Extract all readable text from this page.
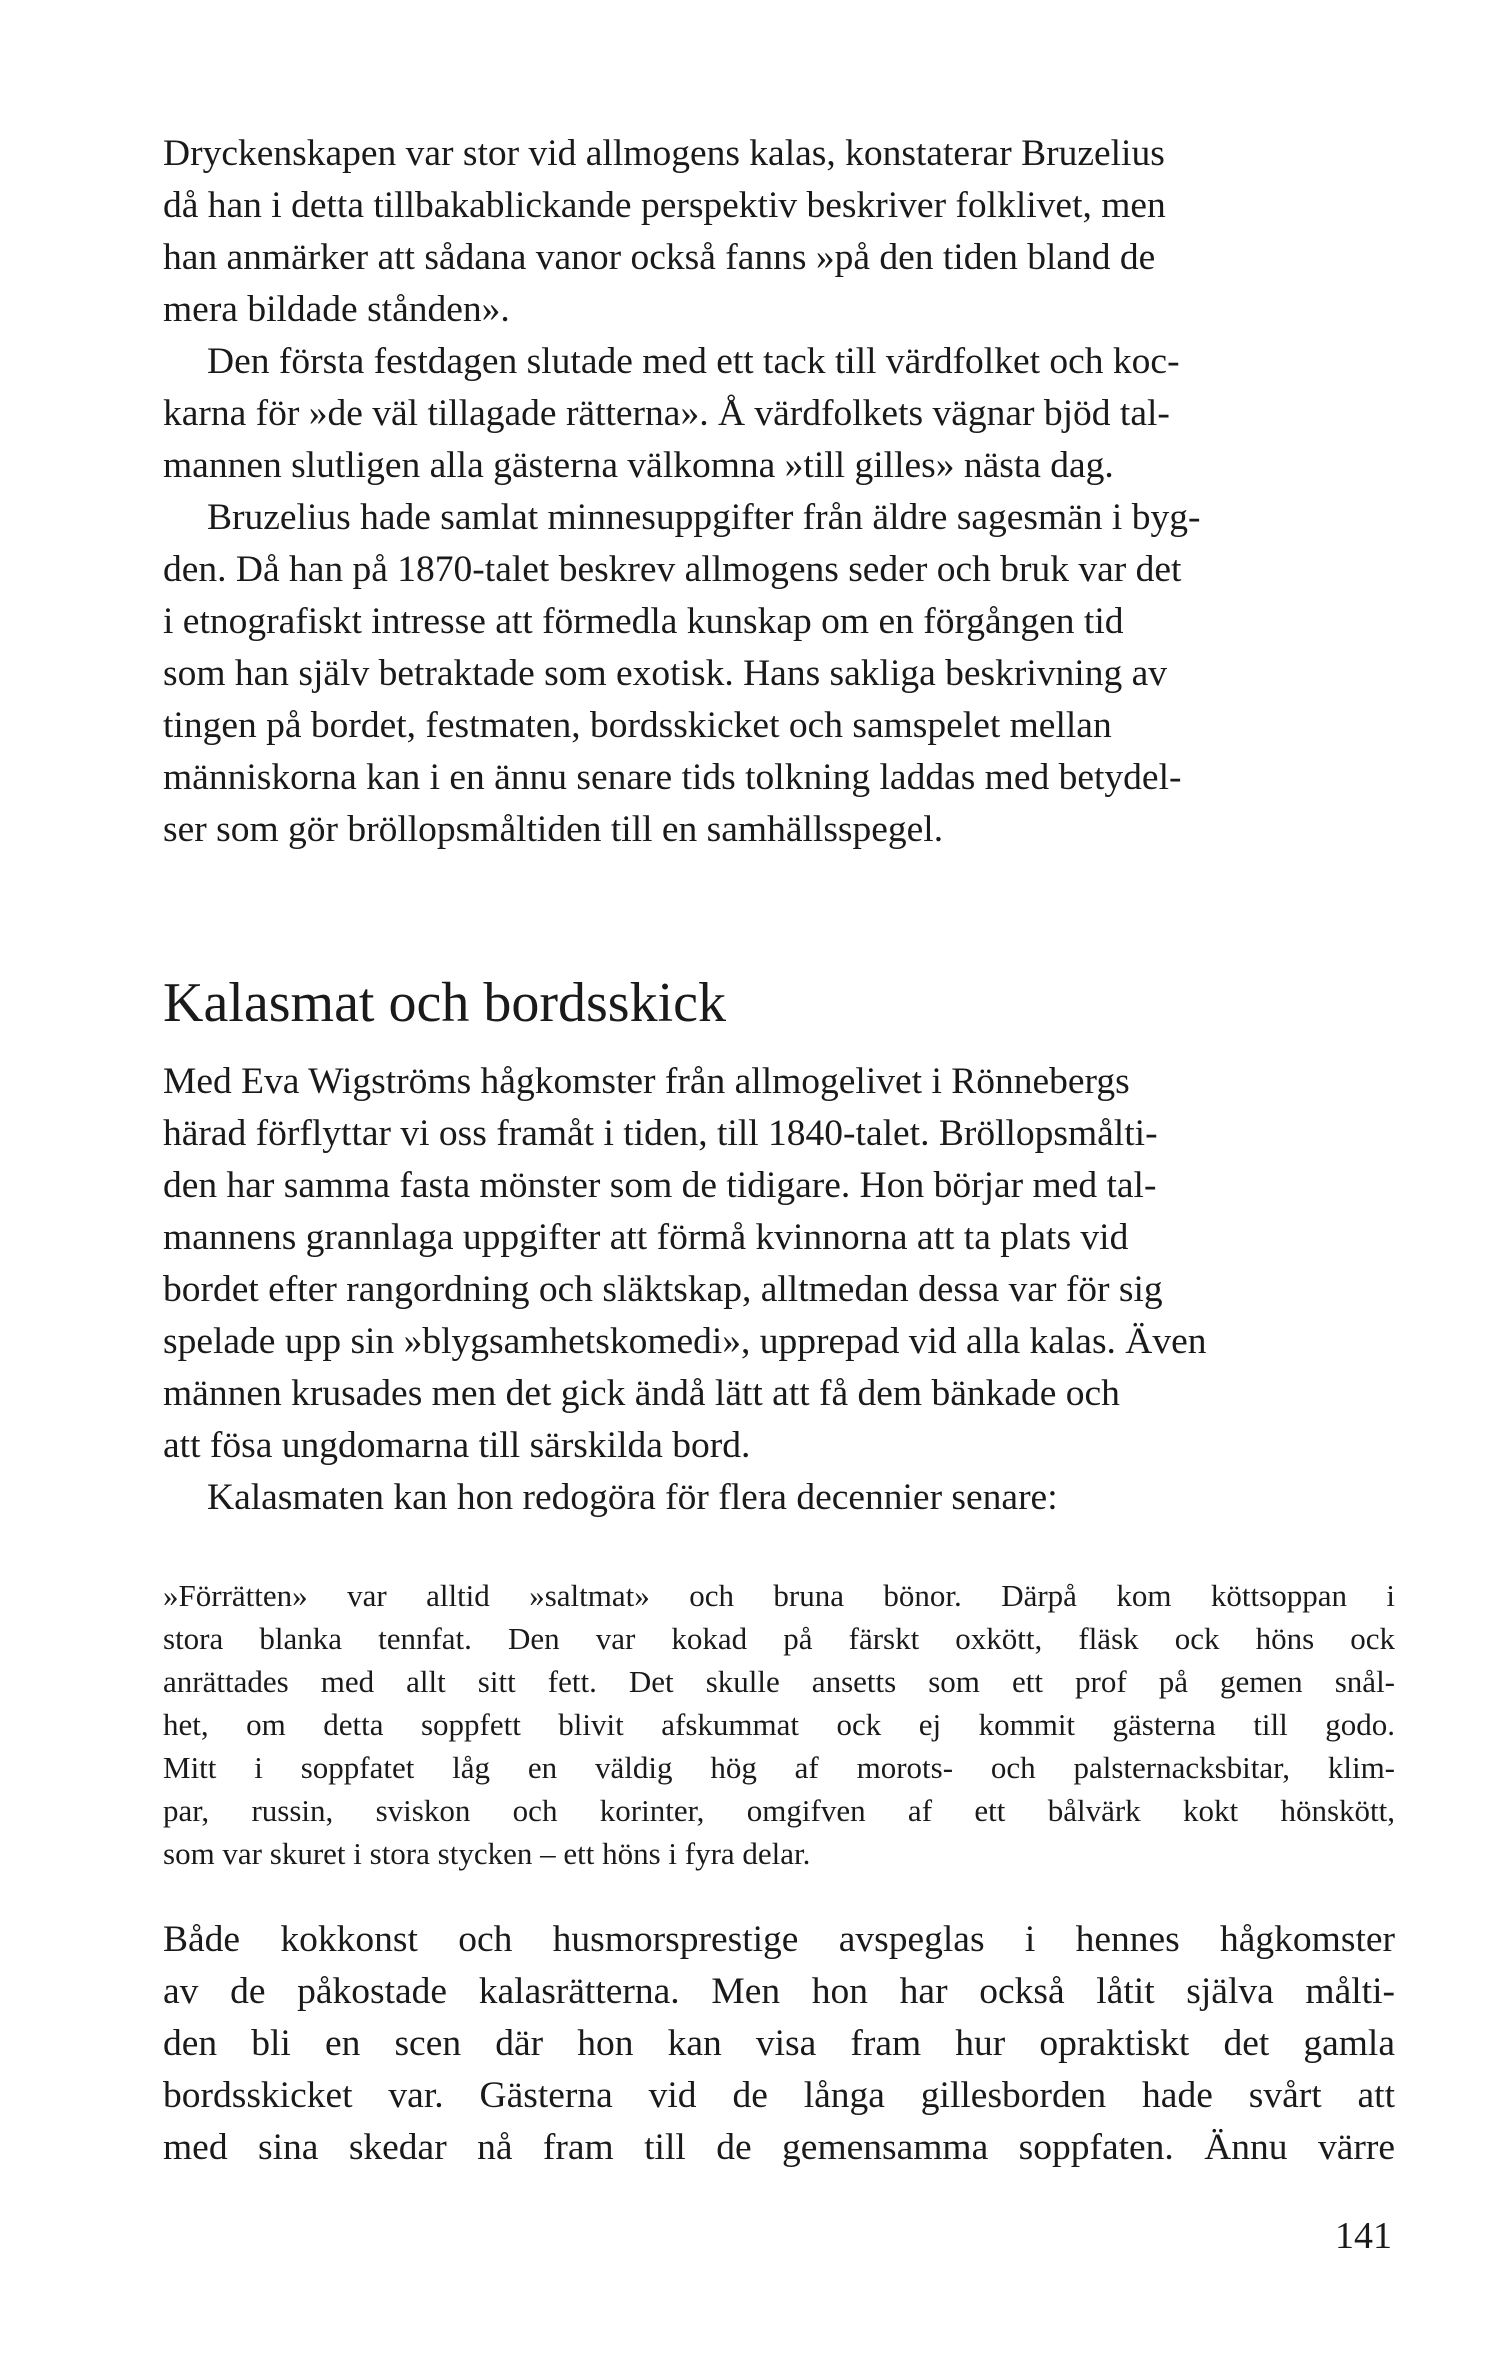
Dryckenskapen var stor vid allmogens kalas, konstaterar Bruzelius
då han i detta tillbakablickande perspektiv beskriver folklivet, men
han anmärker att sådana vanor också fanns »på den tiden bland de
mera bildade stånden».

Den första festdagen slutade med ett tack till värdfolket och koc-
karna för »de väl tillagade rätterna». Å värdfolkets vägnar bjöd tal-
mannen slutligen alla gästerna välkomna »till gilles» nästa dag.

Bruzelius hade samlat minnesuppgifter från äldre sagesmän i byg-
den. Då han på 1870-talet beskrev allmogens seder och bruk var det
i etnografiskt intresse att förmedla kunskap om en förgången tid
som han själv betraktade som exotisk. Hans sakliga beskrivning av
tingen på bordet, festmaten, bordsskicket och samspelet mellan
människorna kan i en ännu senare tids tolkning laddas med betydel-
ser som gör bröllopsmåltiden till en samhällsspegel.

Kalasmat och bordsskick

Med Eva Wigströms hågkomster från allmogelivet i Rönnebergs
härad förflyttar vi oss framåt i tiden, till 1840-talet. Bröllopsmålti-
den har samma fasta mönster som de tidigare. Hon börjar med tal-
mannens grannlaga uppgifter att förmå kvinnorna att ta plats vid
bordet efter rangordning och släktskap, alltmedan dessa var för sig
spelade upp sin »blygsamhetskomedi», upprepad vid alla kalas. Även
männen krusades men det gick ändå lätt att få dem bänkade och
att fösa ungdomarna till särskilda bord.

Kalasmaten kan hon redogöra för flera decennier senare:

»Förrätten» var alltid »saltmat» och bruna bönor. Därpå kom köttsoppan i
stora blanka tennfat. Den var kokad på färskt oxkött, fläsk ock höns ock
anrättades med allt sitt fett. Det skulle ansetts som ett prof på gemen snål-
het, om detta soppfett blivit afskummat ock ej kommit gästerna till godo.
Mitt i soppfatet låg en väldig hög af morots- och palsternacksbitar, klim-
par, russin, sviskon och korinter, omgifven af ett bålvärk kokt hönskött,
som var skuret i stora stycken – ett höns i fyra delar.

Både kokkonst och husmorsprestige avspeglas i hennes hågkomster
av de påkostade kalasrätterna. Men hon har också låtit själva målti-
den bli en scen där hon kan visa fram hur opraktiskt det gamla
bordsskicket var. Gästerna vid de långa gillesborden hade svårt att
med sina skedar nå fram till de gemensamma soppfaten. Ännu värre

141
